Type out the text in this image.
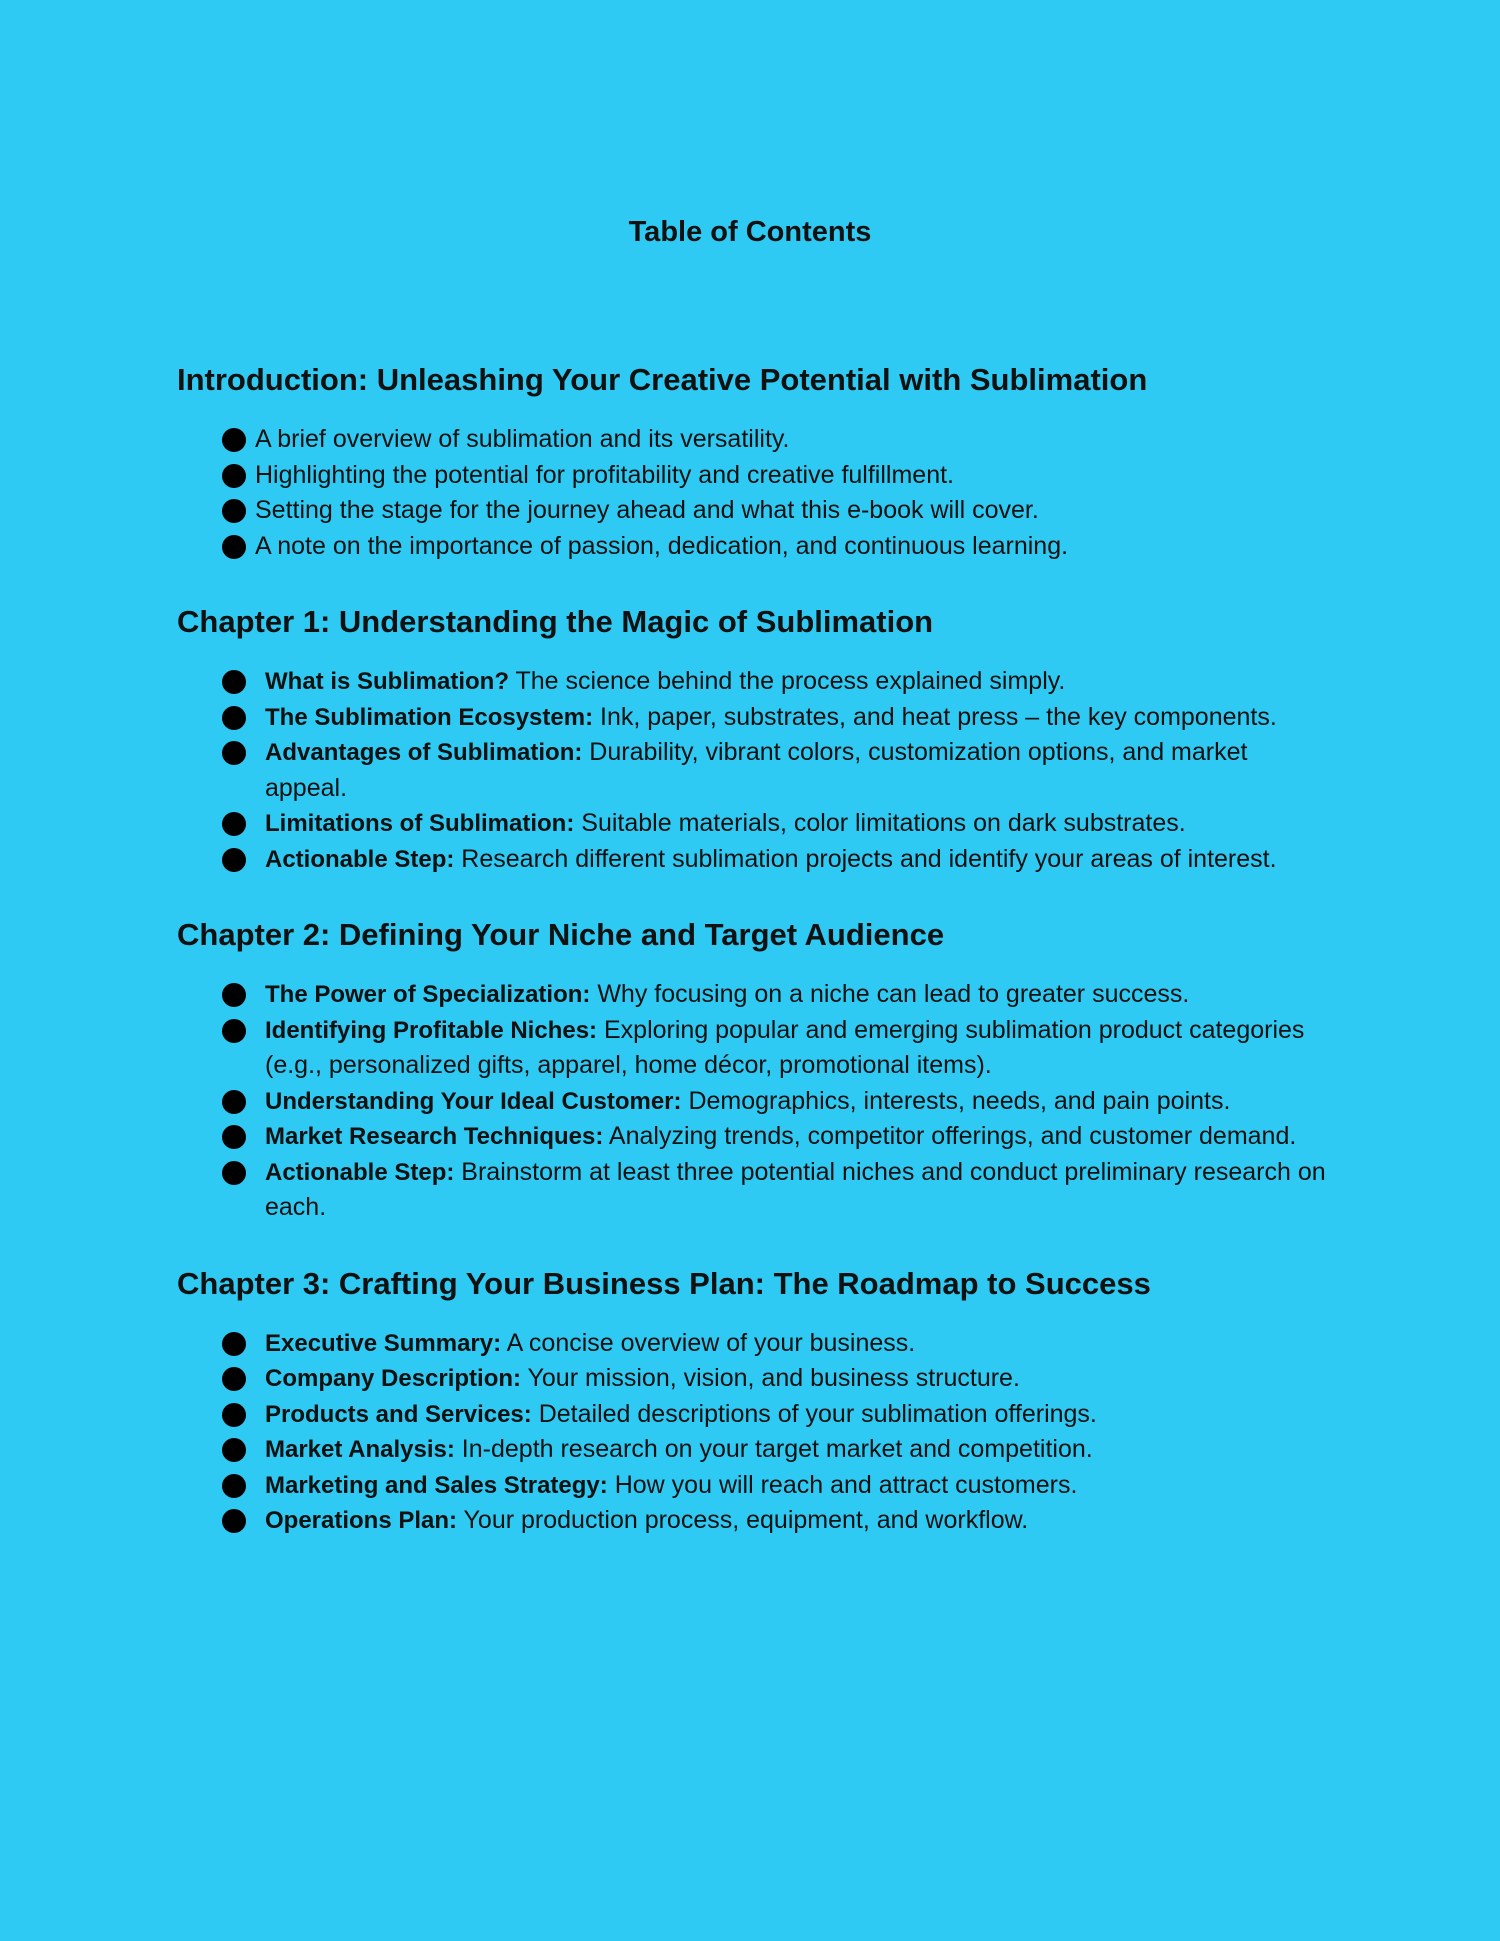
Table of Contents
Introduction: Unleashing Your Creative Potential with Sublimation
A brief overview of sublimation and its versatility.
Highlighting the potential for profitability and creative fulfillment.
Setting the stage for the journey ahead and what this e-book will cover.
A note on the importance of passion, dedication, and continuous learning.
Chapter 1: Understanding the Magic of Sublimation
What is Sublimation? The science behind the process explained simply.
The Sublimation Ecosystem: Ink, paper, substrates, and heat press – the key components.
Advantages of Sublimation: Durability, vibrant colors, customization options, and market appeal.
Limitations of Sublimation: Suitable materials, color limitations on dark substrates.
Actionable Step: Research different sublimation projects and identify your areas of interest.
Chapter 2: Defining Your Niche and Target Audience
The Power of Specialization: Why focusing on a niche can lead to greater success.
Identifying Profitable Niches: Exploring popular and emerging sublimation product categories (e.g., personalized gifts, apparel, home décor, promotional items).
Understanding Your Ideal Customer: Demographics, interests, needs, and pain points.
Market Research Techniques: Analyzing trends, competitor offerings, and customer demand.
Actionable Step: Brainstorm at least three potential niches and conduct preliminary research on each.
Chapter 3: Crafting Your Business Plan: The Roadmap to Success
Executive Summary: A concise overview of your business.
Company Description: Your mission, vision, and business structure.
Products and Services: Detailed descriptions of your sublimation offerings.
Market Analysis: In-depth research on your target market and competition.
Marketing and Sales Strategy: How you will reach and attract customers.
Operations Plan: Your production process, equipment, and workflow.
